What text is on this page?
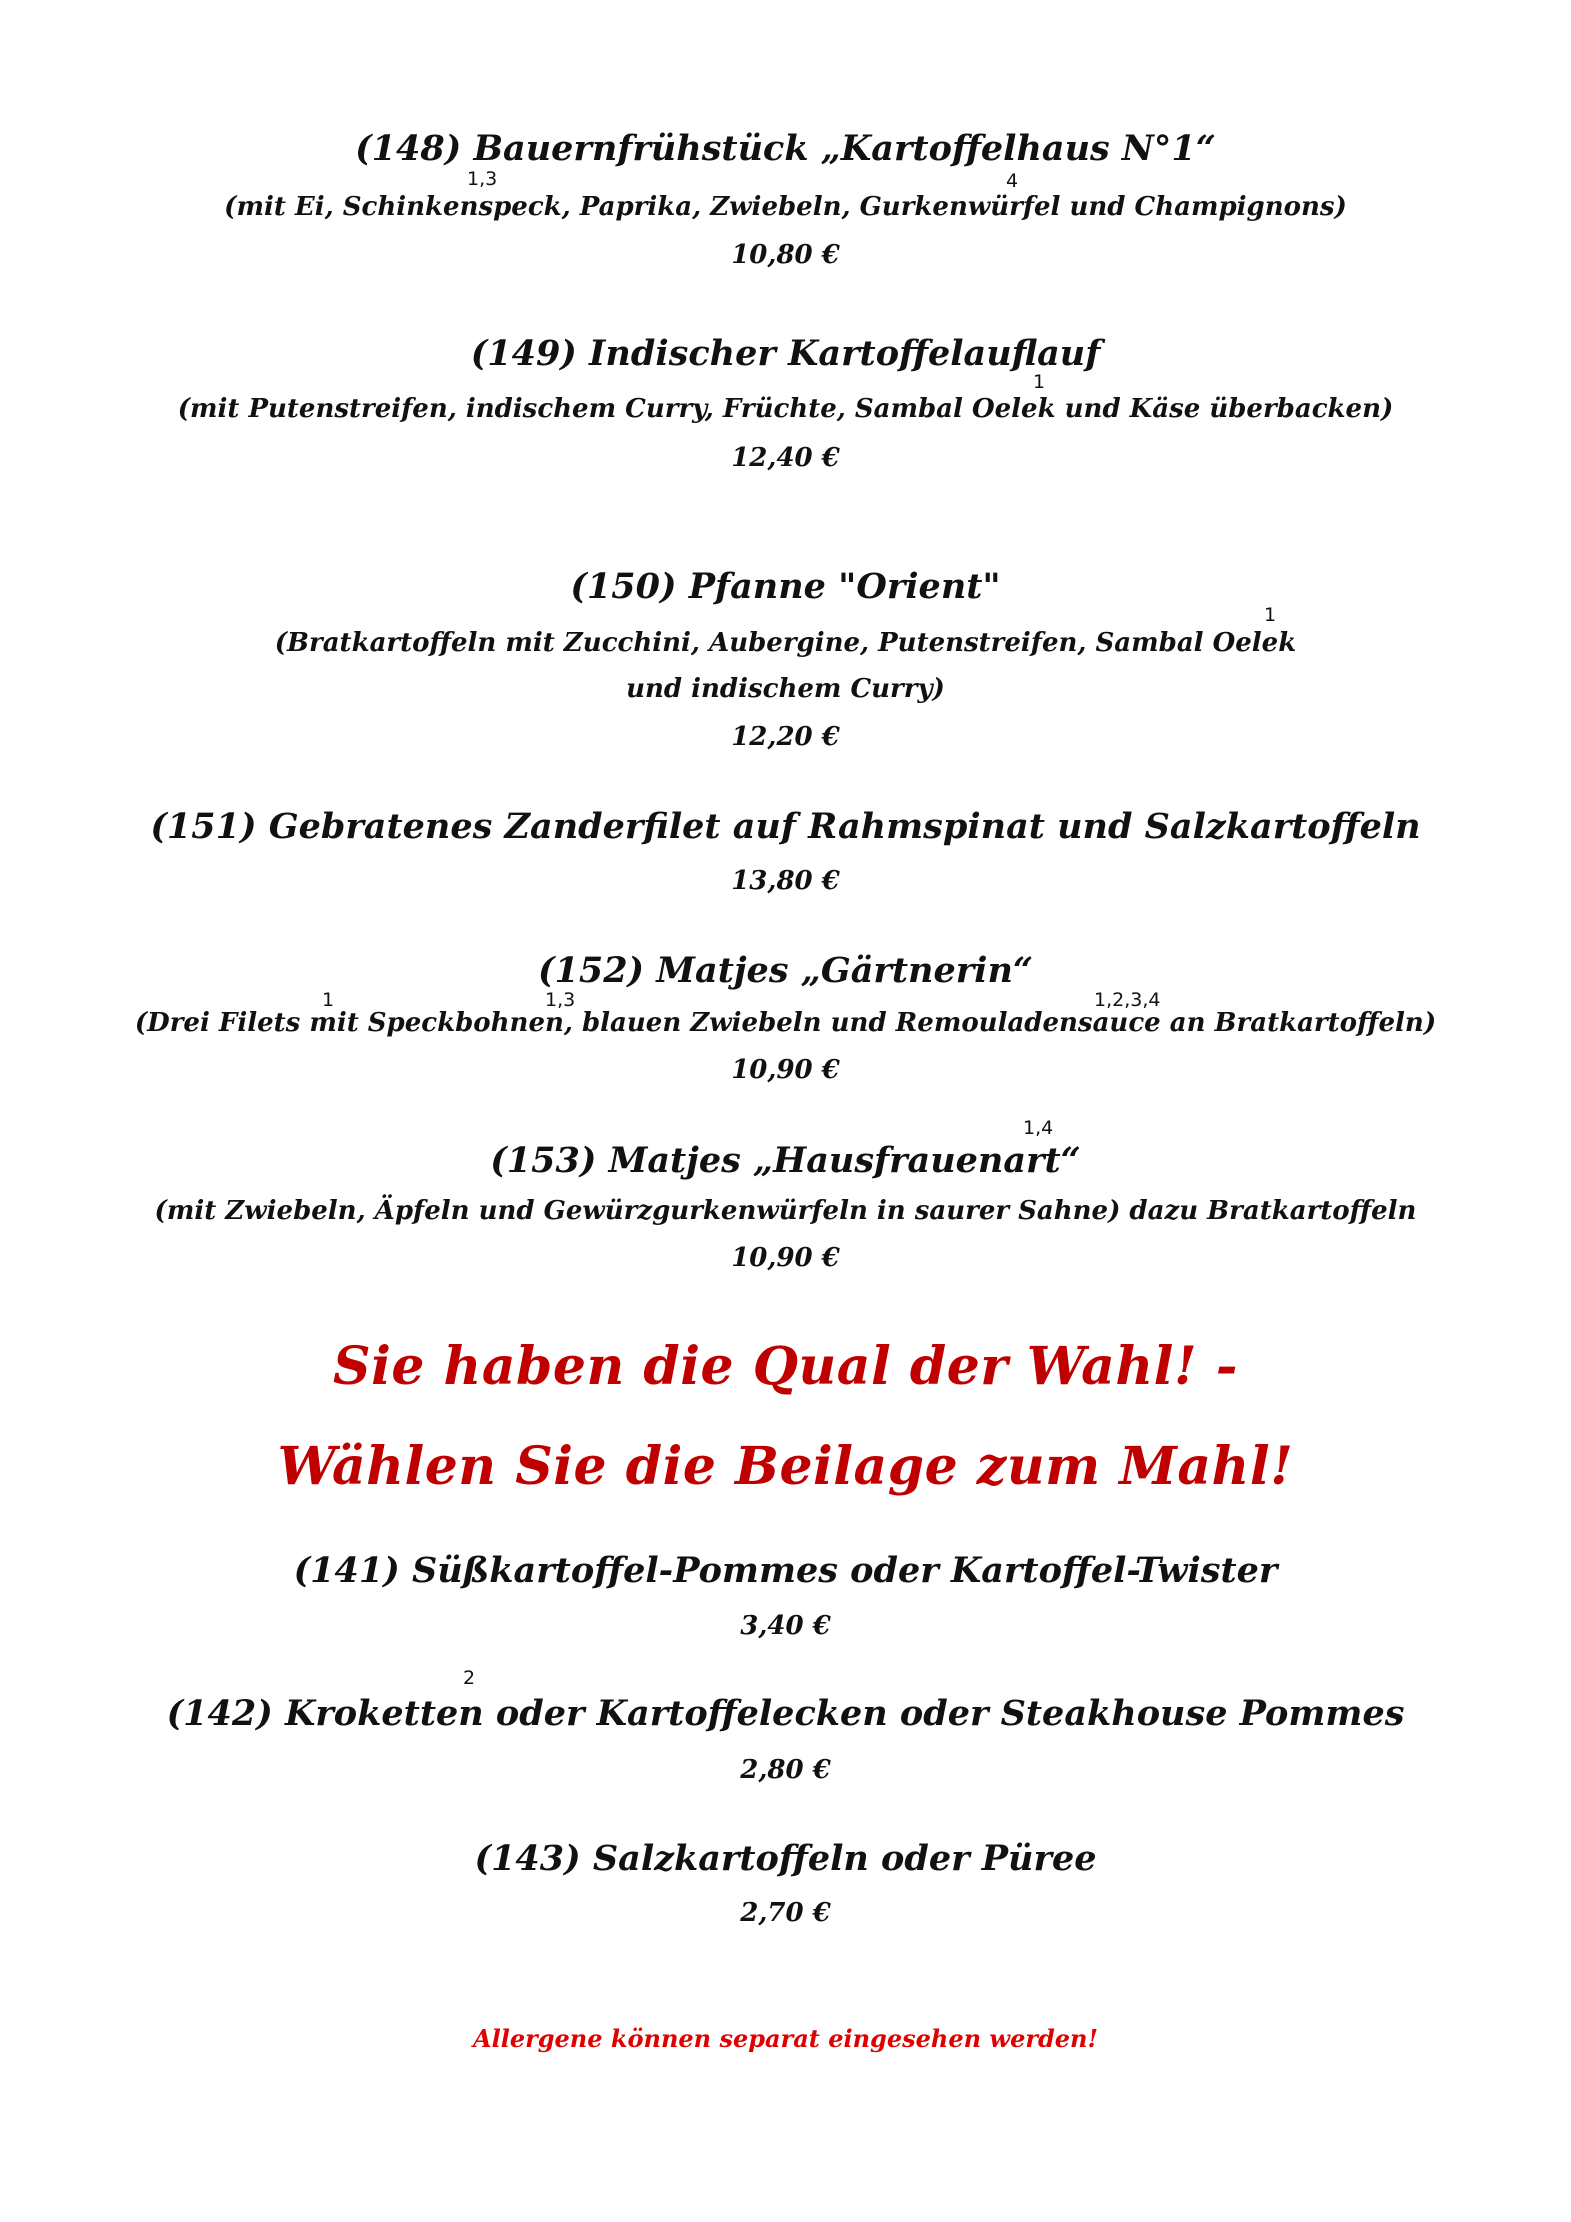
(148) Bauernfrühstück „Kartoffelhaus N°1“
1,3	4
(mit Ei, Schinkenspeck, Paprika, Zwiebeln, Gurkenwürfel und Champignons)
10,80 €
(149) Indischer Kartoffelauflauf
1
(mit Putenstreifen, indischem Curry, Früchte, Sambal Oelek und Käse überbacken)
12,40 €
(150) Pfanne "Orient"
1
(Bratkartoffeln mit Zucchini, Aubergine, Putenstreifen, Sambal Oelek
und indischem Curry)
12,20 €
(151) Gebratenes Zanderfilet auf Rahmspinat und Salzkartoffeln
13,80 €
(152) Matjes „Gärtnerin“
1	1,3	1,2,3,4
(Drei Filets mit Speckbohnen, blauen Zwiebeln und Remouladensauce an Bratkartoffeln)
10,90 €
(153) Matjes „Hausfrauenart“
1,4
(mit Zwiebeln, Äpfeln und Gewürzgurkenwürfeln in saurer Sahne) dazu Bratkartoffeln
10,90 €
Sie haben die Qual der Wahl! -
Wählen Sie die Beilage zum Mahl!
(141) Süßkartoffel-Pommes oder Kartoffel-Twister
3,40 €
2
(142) Kroketten oder Kartoffelecken oder Steakhouse Pommes
2,80 €
(143) Salzkartoffeln oder Püree
2,70 €
Allergene können separat eingesehen werden!
